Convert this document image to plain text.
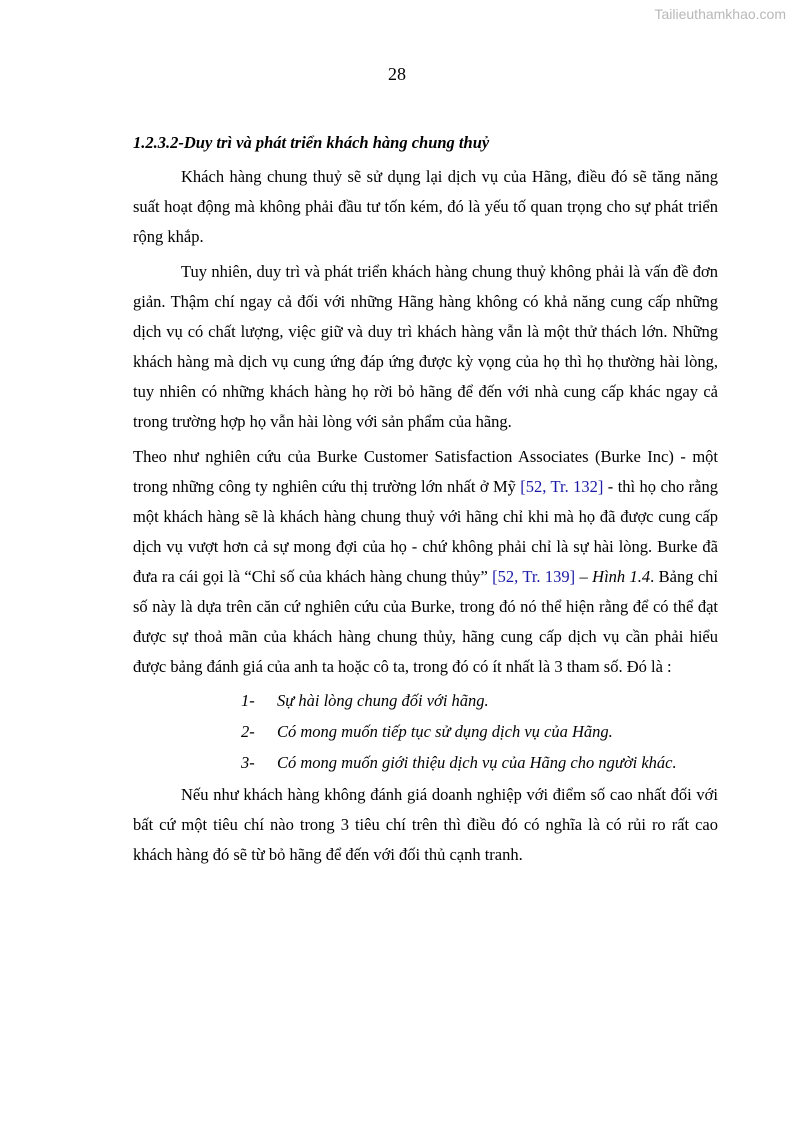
Tailieuthamkhao.com
28
1.2.3.2-Duy trì và phát triển khách hàng chung thuỷ

Khách hàng chung thuỷ sẽ sử dụng lại dịch vụ của Hãng, điều đó sẽ tăng năng suất hoạt động mà không phải đầu tư tốn kém, đó là yếu tố quan trọng cho sự phát triển rộng khắp.

Tuy nhiên, duy trì và phát triển khách hàng chung thuỷ không phải là vấn đề đơn giản. Thậm chí ngay cả đối với những Hãng hàng không có khả năng cung cấp những dịch vụ có chất lượng, việc giữ và duy trì khách hàng vẫn là một thử thách lớn. Những khách hàng mà dịch vụ cung ứng đáp ứng được kỳ vọng của họ thì họ thường hài lòng, tuy nhiên có những khách hàng họ rời bỏ hãng để đến với nhà cung cấp khác ngay cả trong trường hợp họ vẫn hài lòng với sản phẩm của hãng.

Theo như nghiên cứu của Burke Customer Satisfaction Associates (Burke Inc) - một trong những công ty nghiên cứu thị trường lớn nhất ở Mỹ [52, Tr. 132] - thì họ cho rằng một khách hàng sẽ là khách hàng chung thuỷ với hãng chỉ khi mà họ đã được cung cấp dịch vụ vượt hơn cả sự mong đợi của họ - chứ không phải chỉ là sự hài lòng. Burke đã đưa ra cái gọi là “Chỉ số của khách hàng chung thủy” [52, Tr. 139] – Hình 1.4. Bảng chỉ số này là dựa trên căn cứ nghiên cứu của Burke, trong đó nó thể hiện rằng để có thể đạt được sự thoả mãn của khách hàng chung thủy, hãng cung cấp dịch vụ cần phải hiểu được bảng đánh giá của anh ta hoặc cô ta, trong đó có ít nhất là 3 tham số. Đó là :

1- Sự hài lòng chung đối với hãng.
2- Có mong muốn tiếp tục sử dụng dịch vụ của Hãng.
3- Có mong muốn giới thiệu dịch vụ của Hãng cho người khác.

Nếu như khách hàng không đánh giá doanh nghiệp với điểm số cao nhất đối với bất cứ một tiêu chí nào trong 3 tiêu chí trên thì điều đó có nghĩa là có rủi ro rất cao khách hàng đó sẽ từ bỏ hãng để đến với đối thủ cạnh tranh.
